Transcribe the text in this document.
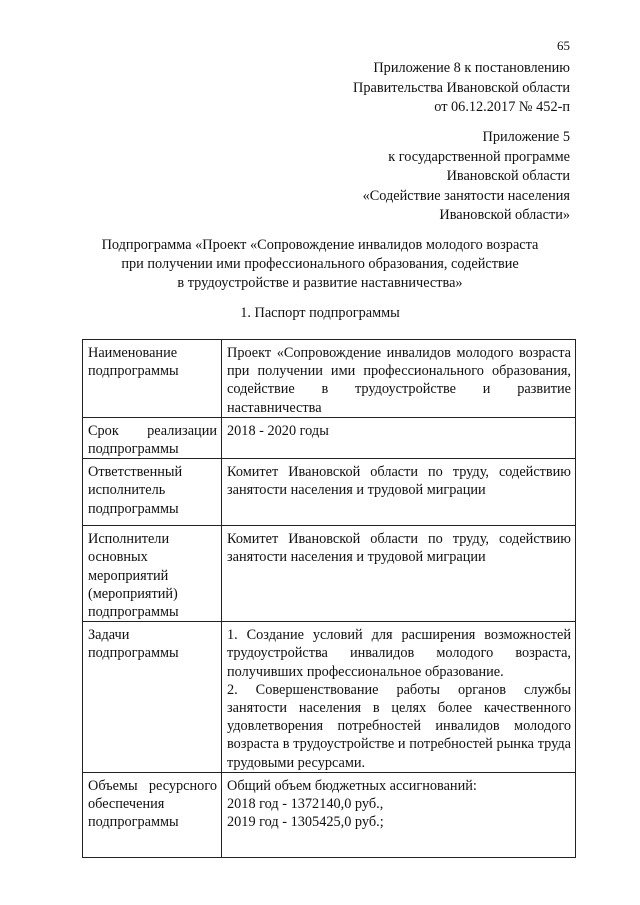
65
Приложение 8 к постановлению
Правительства Ивановской области
от 06.12.2017 № 452-п
Приложение 5
к государственной программе
Ивановской области
«Содействие занятости населения
Ивановской области»
Подпрограмма «Проект «Сопровождение инвалидов молодого возраста
при получении ими профессионального образования, содействие
в трудоустройстве и развитие наставничества»
1. Паспорт подпрограммы
Наименование
подпрограммы	Проект «Сопровождение инвалидов молодого возраста при получении ими профессионального образования, содействие в трудоустройстве и развитие наставничества

Срок реализации
подпрограммы	2018 - 2020 годы

Ответственный
исполнитель
подпрограммы	Комитет Ивановской области по труду, содействию занятости населения и трудовой миграции

Исполнители
основных
мероприятий
(мероприятий)
подпрограммы	Комитет Ивановской области по труду, содействию занятости населения и трудовой миграции

Задачи
подпрограммы	1. Создание условий для расширения возможностей трудоустройства инвалидов молодого возраста, получивших профессиональное образование.
2. Совершенствование работы органов службы занятости населения в целях более качественного удовлетворения потребностей инвалидов молодого возраста в трудоустройстве и потребностей рынка труда трудовыми ресурсами.

Объемы ресурсного
обеспечения
подпрограммы	Общий объем бюджетных ассигнований:
2018 год - 1372140,0 руб.,
2019 год - 1305425,0 руб.;
